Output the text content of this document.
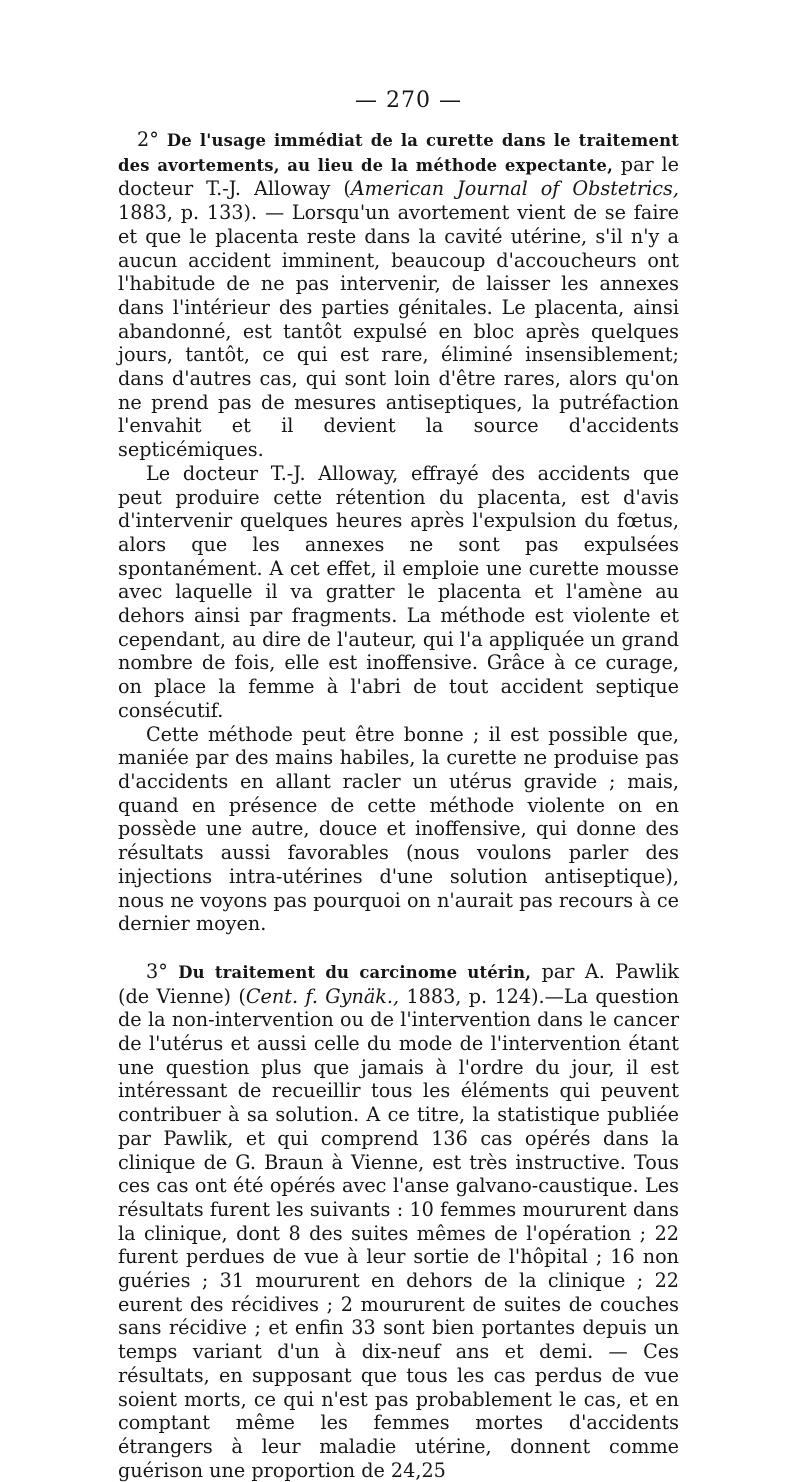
— 270 —

2° De l'usage immédiat de la curette dans le traitement des avortements, au lieu de la méthode expectante, par le docteur T.-J. Alloway (American Journal of Obstetrics, 1883, p. 133). — Lorsqu'un avortement vient de se faire et que le placenta reste dans la cavité utérine, s'il n'y a aucun accident imminent, beaucoup d'accoucheurs ont l'habitude de ne pas intervenir, de laisser les annexes dans l'intérieur des parties génitales. Le placenta, ainsi abandonné, est tantôt expulsé en bloc après quelques jours, tantôt, ce qui est rare, éliminé insensiblement; dans d'autres cas, qui sont loin d'être rares, alors qu'on ne prend pas de mesures antiseptiques, la putréfaction l'envahit et il devient la source d'accidents septicémiques.

Le docteur T.-J. Alloway, effrayé des accidents que peut produire cette rétention du placenta, est d'avis d'intervenir quelques heures après l'expulsion du fœtus, alors que les annexes ne sont pas expulsées spontanément. A cet effet, il emploie une curette mousse avec laquelle il va gratter le placenta et l'amène au dehors ainsi par fragments. La méthode est violente et cependant, au dire de l'auteur, qui l'a appliquée un grand nombre de fois, elle est inoffensive. Grâce à ce curage, on place la femme à l'abri de tout accident septique consécutif.

Cette méthode peut être bonne ; il est possible que, maniée par des mains habiles, la curette ne produise pas d'accidents en allant racler un utérus gravide ; mais, quand en présence de cette méthode violente on en possède une autre, douce et inoffensive, qui donne des résultats aussi favorables (nous voulons parler des injections intra-utérines d'une solution antiseptique), nous ne voyons pas pourquoi on n'aurait pas recours à ce dernier moyen.

3° Du traitement du carcinome utérin, par A. Pawlik (de Vienne) (Cent. f. Gynäk., 1883, p. 124).—La question de la non-intervention ou de l'intervention dans le cancer de l'utérus et aussi celle du mode de l'intervention étant une question plus que jamais à l'ordre du jour, il est intéressant de recueillir tous les éléments qui peuvent contribuer à sa solution. A ce titre, la statistique publiée par Pawlik, et qui comprend 136 cas opérés dans la clinique de G. Braun à Vienne, est très instructive. Tous ces cas ont été opérés avec l'anse galvano-caustique. Les résultats furent les suivants : 10 femmes moururent dans la clinique, dont 8 des suites mêmes de l'opération ; 22 furent perdues de vue à leur sortie de l'hôpital ; 16 non guéries ; 31 moururent en dehors de la clinique ; 22 eurent des récidives ; 2 moururent de suites de couches sans récidive ; et enfin 33 sont bien portantes depuis un temps variant d'un à dix-neuf ans et demi. — Ces résultats, en supposant que tous les cas perdus de vue soient morts, ce qui n'est pas probablement le cas, et en comptant même les femmes mortes d'accidents étrangers à leur maladie utérine, donnent comme guérison une proportion de 24,25
